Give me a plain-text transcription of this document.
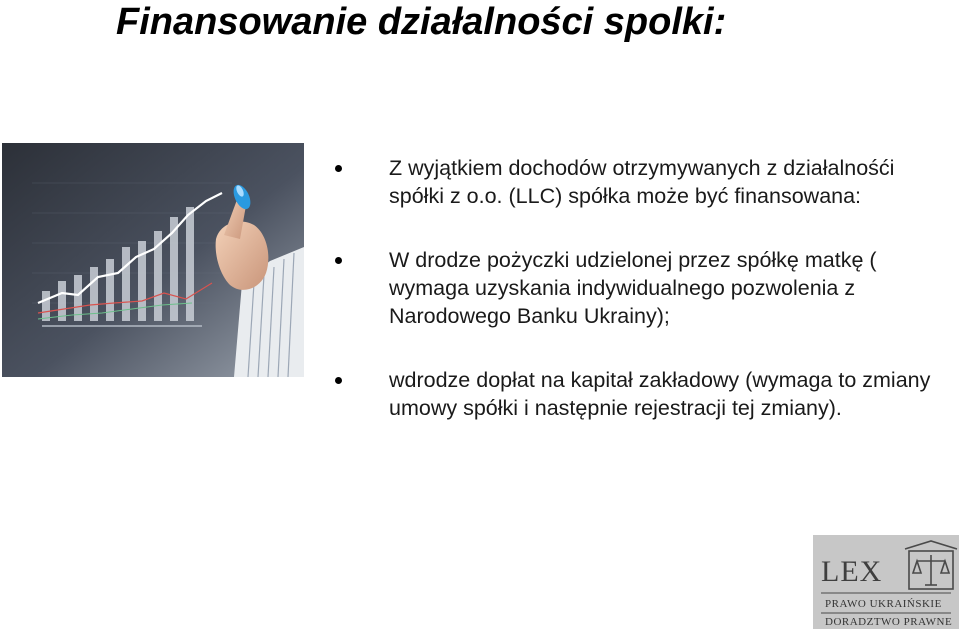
Finansowanie działalności spolki:
Z wyjątkiem dochodów otrzymywanych z działalnośći spółki z o.o. (LLC) spółka może być finansowana:
W drodze pożyczki udzielonej przez spółkę matkę ( wymaga uzyskania indywidualnego pozwolenia z Narodowego Banku Ukrainy);
wdrodze dopłat na kapitał zakładowy (wymaga to zmiany umowy spółki i następnie rejestracji tej zmiany).
LEX
PRAWO UKRAIŃSKIE
DORADZTWO PRAWNE
